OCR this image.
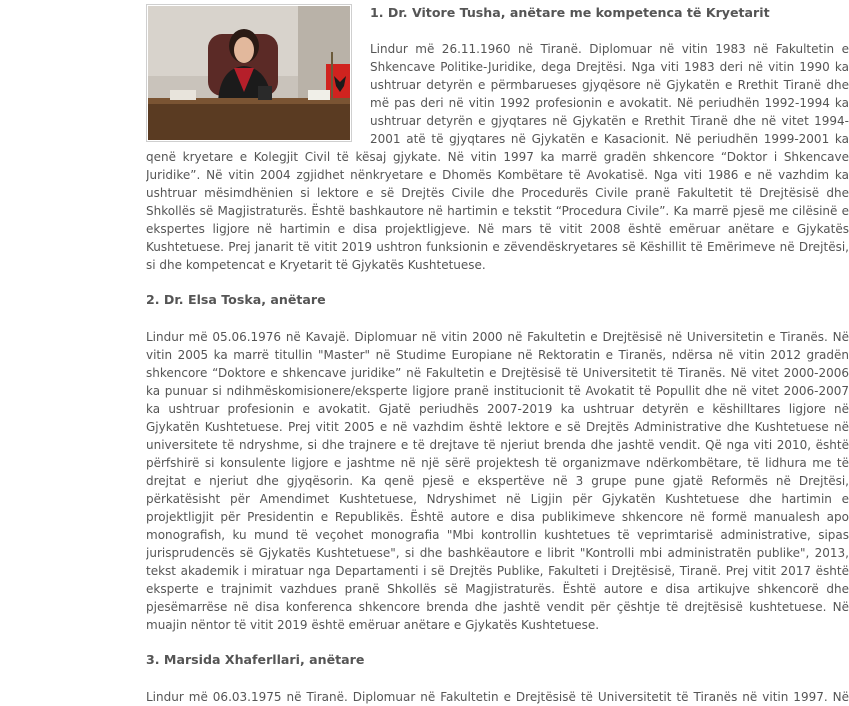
1. Dr. Vitore Tusha, anëtare me kompetenca të Kryetarit
Lindur më 26.11.1960 në Tiranë. Diplomuar në vitin 1983 në Fakultetin e
Shkencave Politike-Juridike, dega Drejtësi. Nga viti 1983 deri në vitin 1990 ka
ushtruar detyrën e përmbarueses gjyqësore në Gjykatën e Rrethit Tiranë dhe
më pas deri në vitin 1992 profesionin e avokatit. Në periudhën 1992-1994 ka
ushtruar detyrën e gjyqtares në Gjykatën e Rrethit Tiranë dhe në vitet 1994-
2001 atë të gjyqtares në Gjykatën e Kasacionit. Në periudhën 1999-2001 ka
qenë kryetare e Kolegjit Civil të kësaj gjykate. Në vitin 1997 ka marrë gradën shkencore “Doktor i Shkencave
Juridike”. Në vitin 2004 zgjidhet nënkryetare e Dhomës Kombëtare të Avokatisë. Nga viti 1986 e në vazhdim ka
ushtruar mësimdhënien si lektore e së Drejtës Civile dhe Procedurës Civile pranë Fakultetit të Drejtësisë dhe
Shkollës së Magjistraturës. Është bashkautore në hartimin e tekstit “Procedura Civile”. Ka marrë pjesë me cilësinë e
ekspertes ligjore në hartimin e disa projektligjeve. Në mars të vitit 2008 është emëruar anëtare e Gjykatës
Kushtetuese. Prej janarit të vitit 2019 ushtron funksionin e zëvendëskryetares së Këshillit të Emërimeve në Drejtësi,
si dhe kompetencat e Kryetarit të Gjykatës Kushtetuese.
2. Dr. Elsa Toska, anëtare
Lindur më 05.06.1976 në Kavajë. Diplomuar në vitin 2000 në Fakultetin e Drejtësisë në Universitetin e Tiranës. Në
vitin 2005 ka marrë titullin "Master" në Studime Europiane në Rektoratin e Tiranës, ndërsa në vitin 2012 gradën
shkencore “Doktore e shkencave juridike” në Fakultetin e Drejtësisë të Universitetit të Tiranës. Në vitet 2000-2006
ka punuar si ndihmëskomisionere/eksperte ligjore pranë institucionit të Avokatit të Popullit dhe në vitet 2006-2007
ka ushtruar profesionin e avokatit. Gjatë periudhës 2007-2019 ka ushtruar detyrën e këshilltares ligjore në
Gjykatën Kushtetuese. Prej vitit 2005 e në vazhdim është lektore e së Drejtës Administrative dhe Kushtetuese në
universitete të ndryshme, si dhe trajnere e të drejtave të njeriut brenda dhe jashtë vendit. Që nga viti 2010, është
përfshirë si konsulente ligjore e jashtme në një sërë projektesh të organizmave ndërkombëtare, të lidhura me të
drejtat e njeriut dhe gjyqësorin. Ka qenë pjesë e ekspertëve në 3 grupe pune gjatë Reformës në Drejtësi,
përkatësisht për Amendimet Kushtetuese, Ndryshimet në Ligjin për Gjykatën Kushtetuese dhe hartimin e
projektligjit për Presidentin e Republikës. Është autore e disa publikimeve shkencore në formë manualesh apo
monografish, ku mund të veçohet monografia "Mbi kontrollin kushtetues të veprimtarisë administrative, sipas
jurisprudencës së Gjykatës Kushtetuese", si dhe bashkëautore e librit "Kontrolli mbi administratën publike", 2013,
tekst akademik i miratuar nga Departamenti i së Drejtës Publike, Fakulteti i Drejtësisë, Tiranë. Prej vitit 2017 është
eksperte e trajnimit vazhdues pranë Shkollës së Magjistraturës. Është autore e disa artikujve shkencorë dhe
pjesëmarrëse në disa konferenca shkencore brenda dhe jashtë vendit për çështje të drejtësisë kushtetuese. Në
muajin nëntor të vitit 2019 është emëruar anëtare e Gjykatës Kushtetuese.
3. Marsida Xhaferllari, anëtare
Lindur më 06.03.1975 në Tiranë. Diplomuar në Fakultetin e Drejtësisë të Universitetit të Tiranës në vitin 1997. Në
